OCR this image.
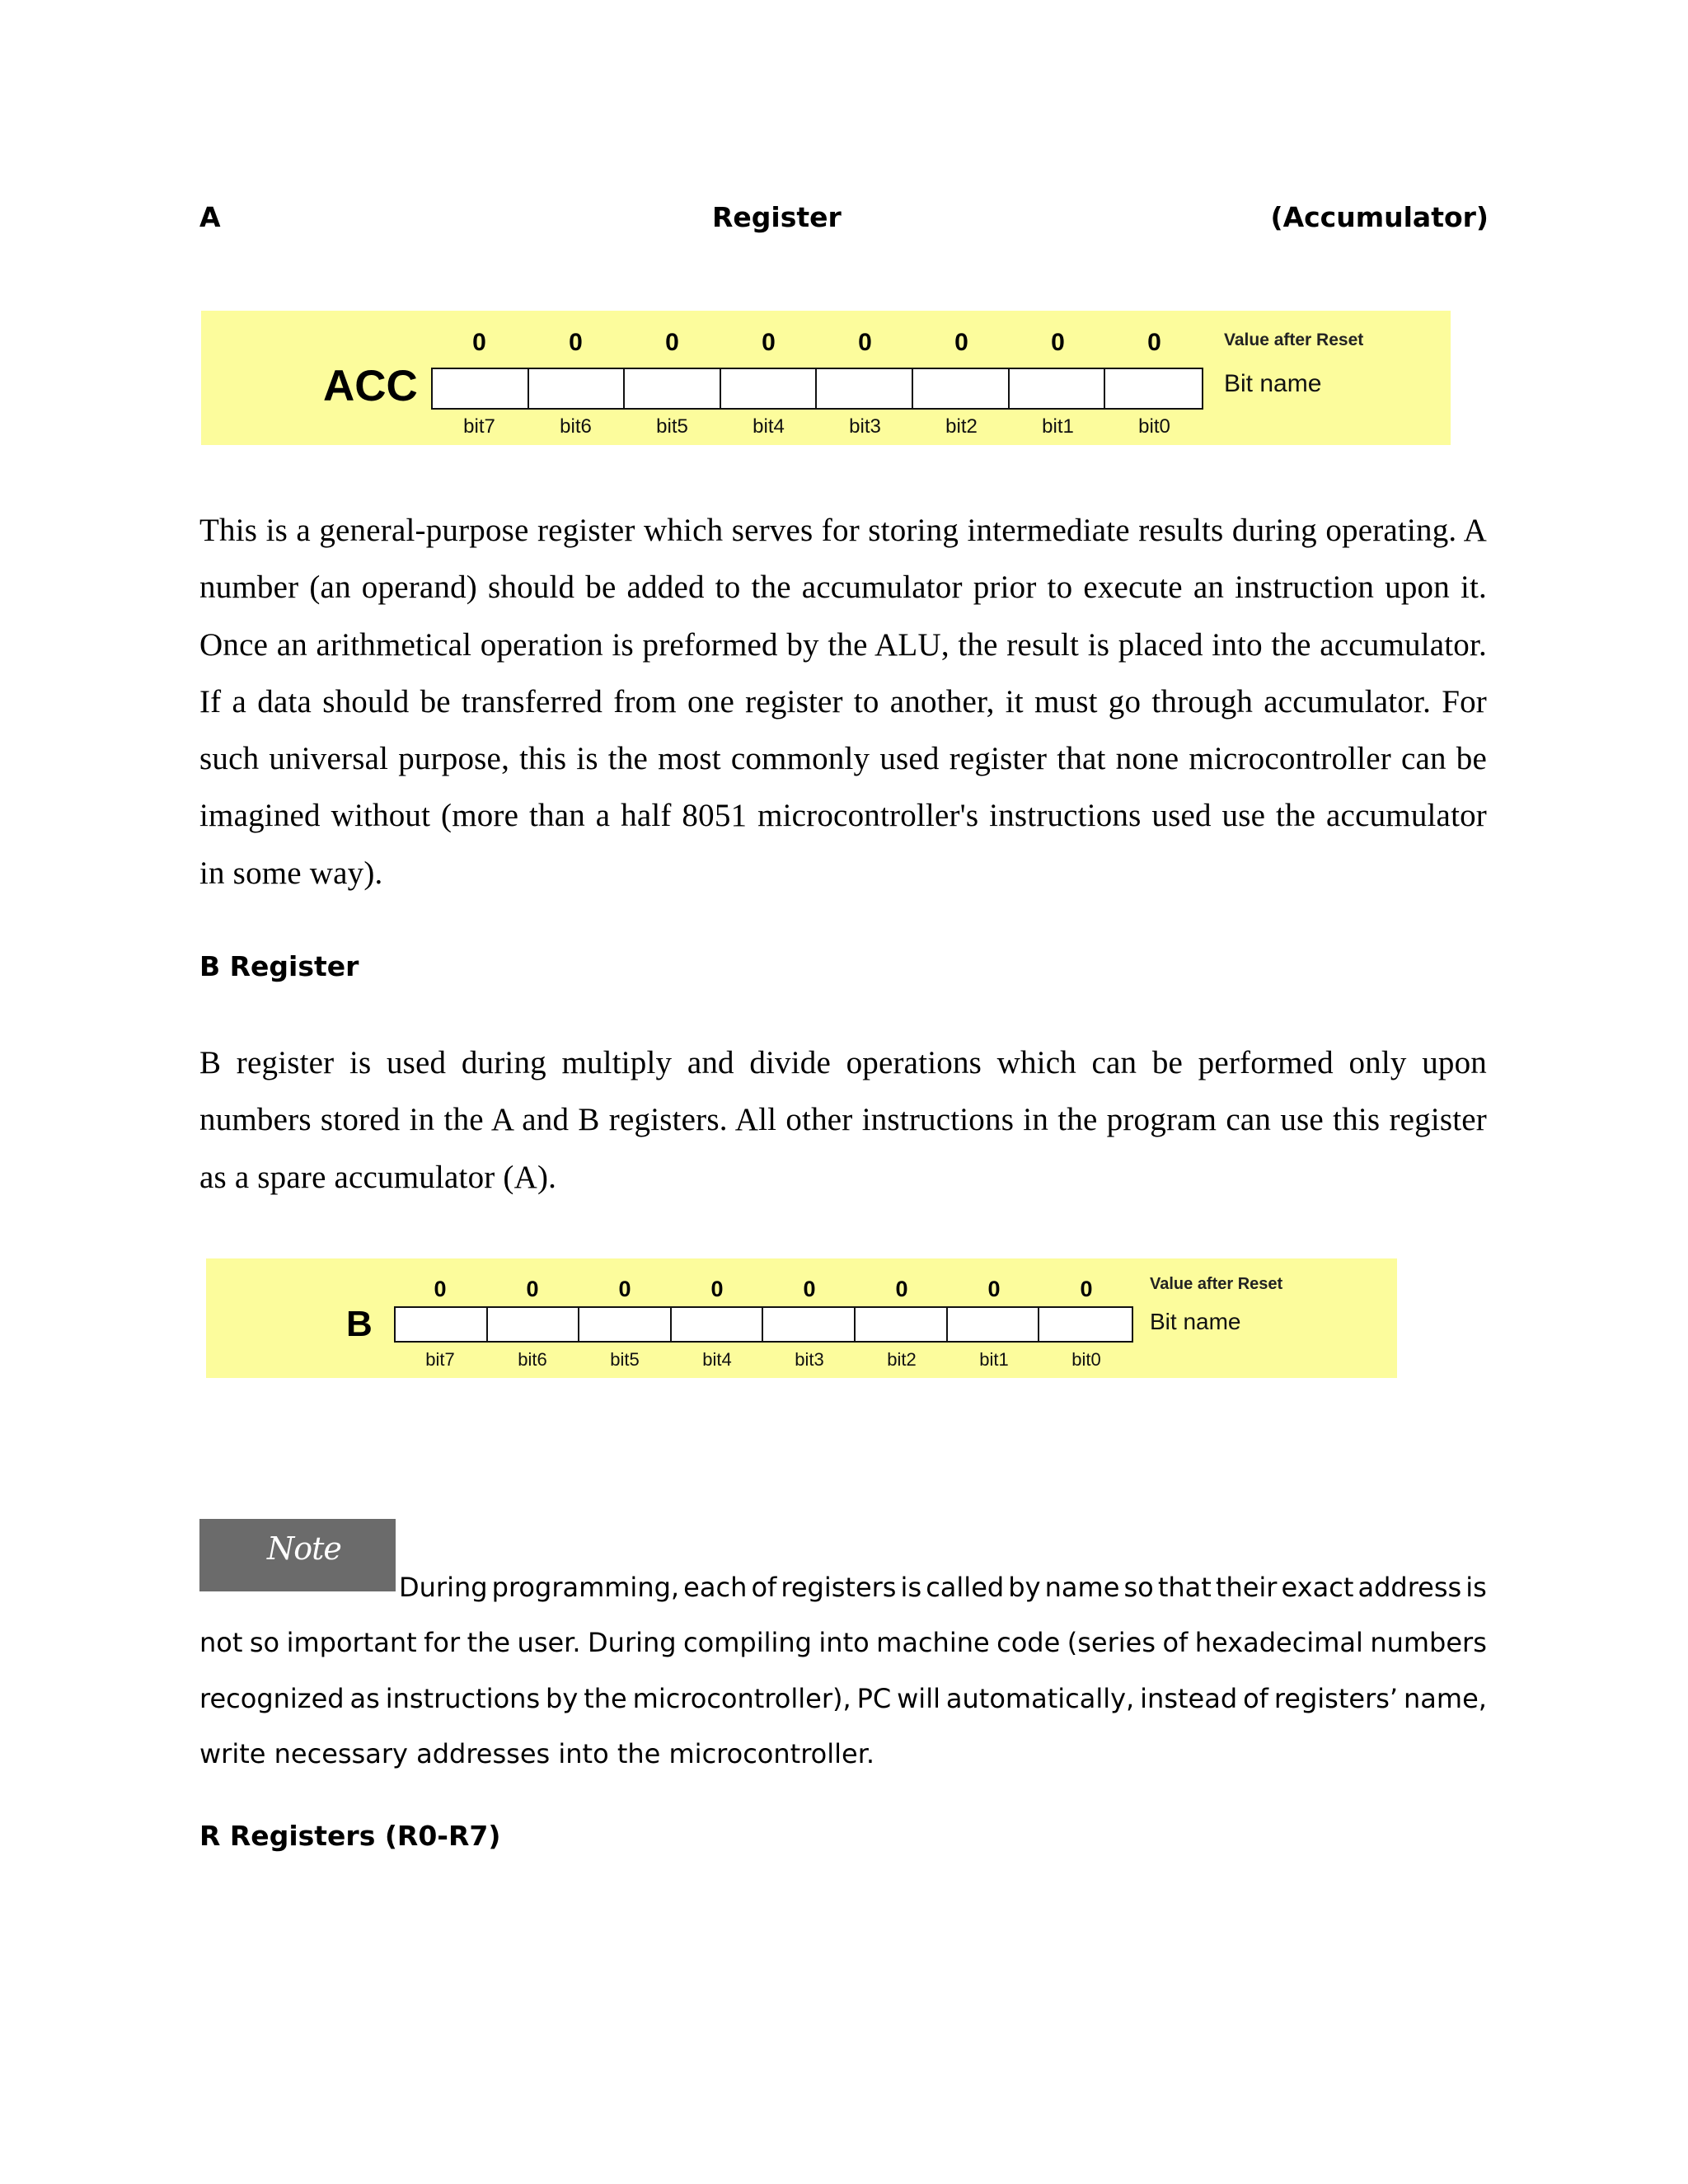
A	Register	(Accumulator)
ACC
0	0	0	0	0	0	0	0
bit7	bit6	bit5	bit4	bit3	bit2	bit1	bit0
Value after Reset
Bit name

This is a general-purpose register which serves for storing intermediate results during operating. A number (an operand) should be added to the accumulator prior to execute an instruction upon it. Once an arithmetical operation is preformed by the ALU, the result is placed into the accumulator. If a data should be transferred from one register to another, it must go through accumulator. For such universal purpose, this is the most commonly used register that none microcontroller can be imagined without (more than a half 8051 microcontroller's instructions used use the accumulator in some way).

B Register

B register is used during multiply and divide operations which can be performed only upon numbers stored in the A and B registers. All other instructions in the program can use this register as a spare accumulator (A).

B
0	0	0	0	0	0	0	0
bit7	bit6	bit5	bit4	bit3	bit2	bit1	bit0
Value after Reset
Bit name
Note
During programming, each of registers is called by name so that their exact address is
not so important for the user. During compiling into machine code (series of hexadecimal numbers
recognized as instructions by the microcontroller), PC will automatically, instead of registers’ name,
write necessary addresses into the microcontroller.
R Registers (R0-R7)
